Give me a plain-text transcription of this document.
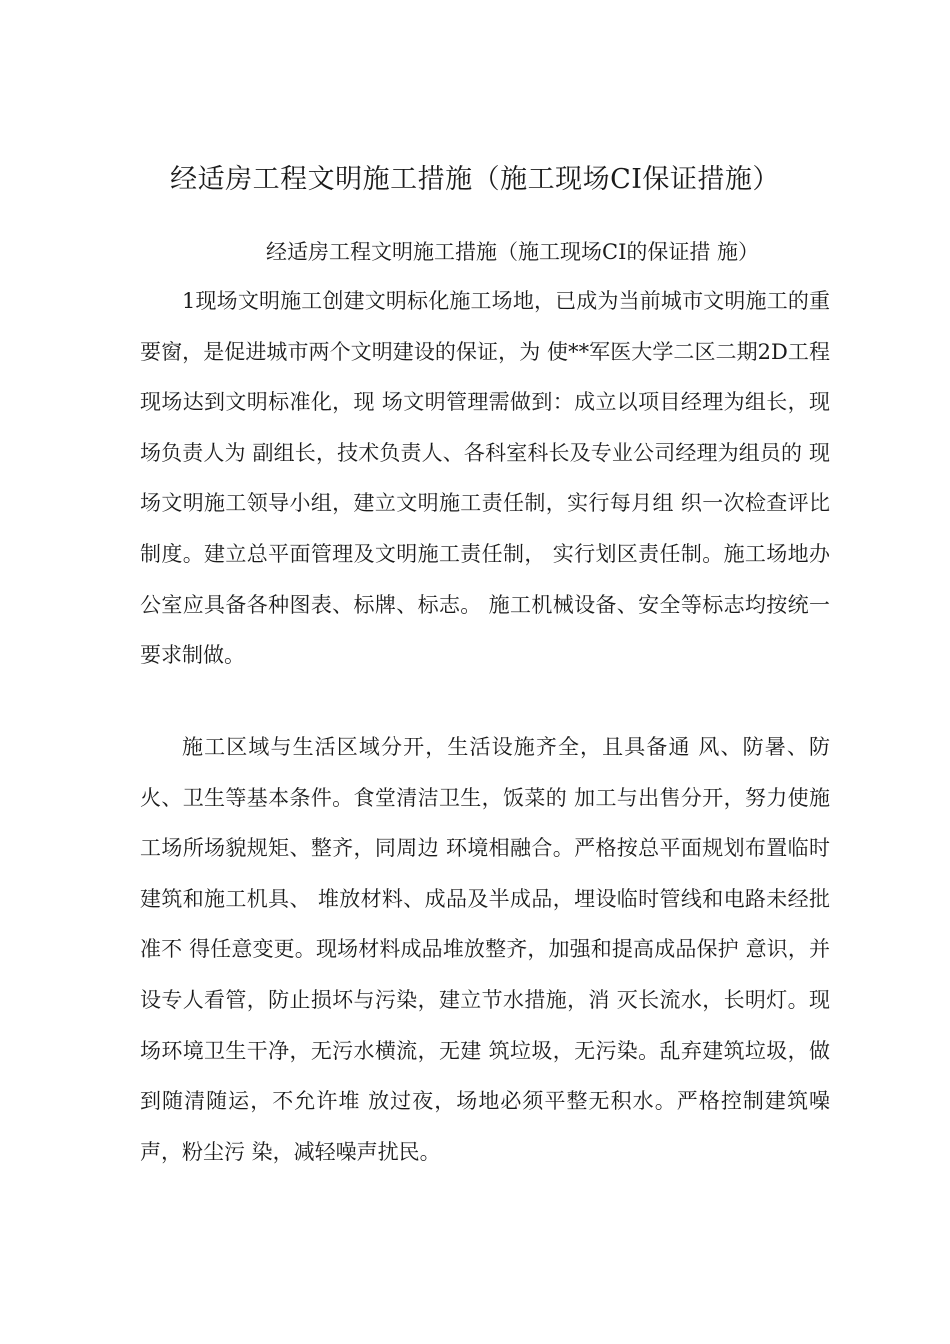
经适房工程文明施工措施（施工现场CI保证措施）
经适房工程文明施工措施（施工现场CI的保证措 施）

1现场文明施工创建文明标化施工场地，已成为当前城市文明施工的重要窗，是促进城市两个文明建设的保证，为 使**军医大学二区二期2D工程现场达到文明标准化，现 场文明管理需做到：成立以项目经理为组长，现场负责人为 副组长，技术负责人、各科室科长及专业公司经理为组员的 现场文明施工领导小组，建立文明施工责任制，实行每月组 织一次检查评比制度。建立总平面管理及文明施工责任制， 实行划区责任制。施工场地办公室应具备各种图表、标牌、标志。 施工机械设备、安全等标志均按统一要求制做。

施工区域与生活区域分开，生活设施齐全，且具备通 风、防暑、防火、卫生等基本条件。食堂清洁卫生，饭菜的 加工与出售分开，努力使施工场所场貌规矩、整齐，同周边 环境相融合。严格按总平面规划布置临时建筑和施工机具、 堆放材料、成品及半成品，埋设临时管线和电路未经批准不 得任意变更。现场材料成品堆放整齐，加强和提高成品保护 意识，并设专人看管，防止损坏与污染，建立节水措施，消 灭长流水，长明灯。现场环境卫生干净，无污水横流，无建 筑垃圾，无污染。乱弃建筑垃圾，做到随清随运，不允许堆 放过夜，场地必须平整无积水。严格控制建筑噪声，粉尘污 染，减轻噪声扰民。
